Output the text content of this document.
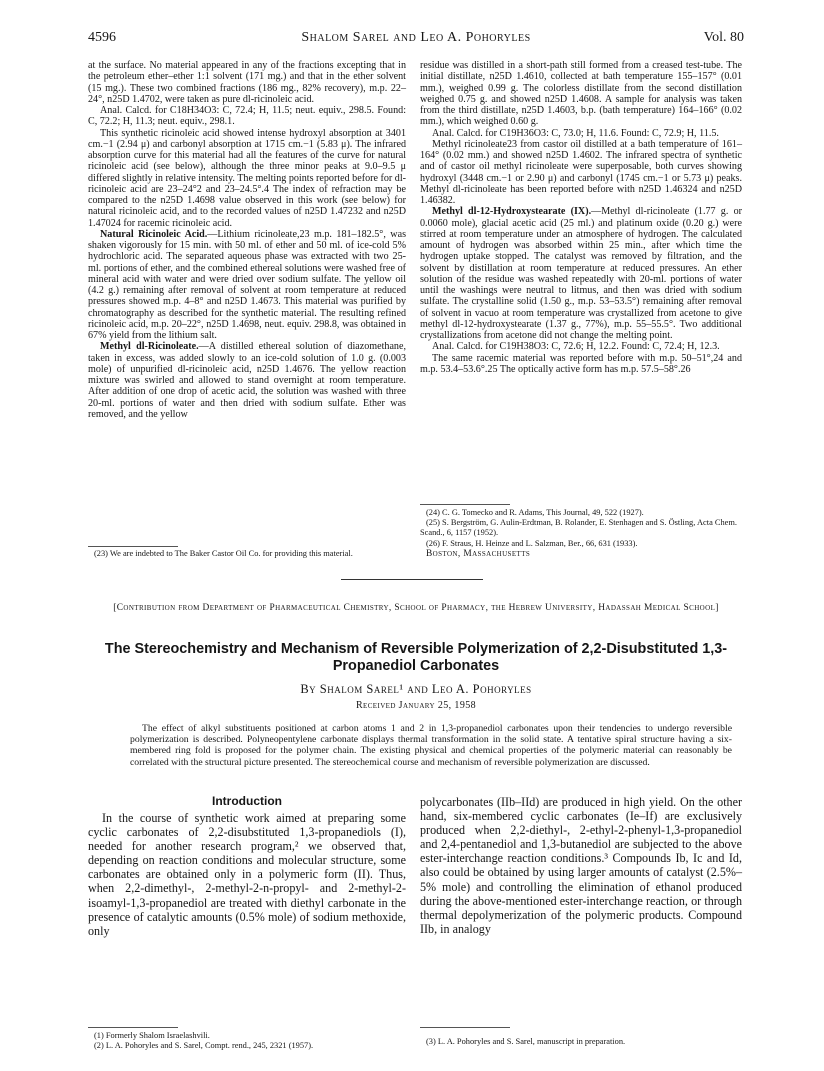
4596	Shalom Sarel and Leo A. Pohoryles	Vol. 80

at the surface. No material appeared in any of the fractions excepting that in the petroleum ether–ether 1:1 solvent (171 mg.) and that in the ether solvent (15 mg.). These two combined fractions (186 mg., 82% recovery), m.p. 22–24°, n25D 1.4702, were taken as pure dl-ricinoleic acid.

Anal. Calcd. for C18H34O3: C, 72.4; H, 11.5; neut. equiv., 298.5. Found: C, 72.2; H, 11.3; neut. equiv., 298.1.

This synthetic ricinoleic acid showed intense hydroxyl absorption at 3401 cm.−1 (2.94 μ) and carbonyl absorption at 1715 cm.−1 (5.83 μ). The infrared absorption curve for this material had all the features of the curve for natural ricinoleic acid (see below), although the three minor peaks at 9.0–9.5 μ differed slightly in relative intensity. The melting points reported before for dl-ricinoleic acid are 23–24°2 and 23–24.5°.4 The index of refraction may be compared to the n25D 1.4698 value observed in this work (see below) for natural ricinoleic acid, and to the recorded values of n25D 1.47232 and n25D 1.47024 for racemic ricinoleic acid.

Natural Ricinoleic Acid.—Lithium ricinoleate,23 m.p. 181–182.5°, was shaken vigorously for 15 min. with 50 ml. of ether and 50 ml. of ice-cold 5% hydrochloric acid. The separated aqueous phase was extracted with two 25-ml. portions of ether, and the combined ethereal solutions were washed free of mineral acid with water and were dried over sodium sulfate. The yellow oil (4.2 g.) remaining after removal of solvent at room temperature at reduced pressures showed m.p. 4–8° and n25D 1.4673. This material was purified by chromatography as described for the synthetic material. The resulting refined ricinoleic acid, m.p. 20–22°, n25D 1.4698, neut. equiv. 298.8, was obtained in 67% yield from the lithium salt.

Methyl dl-Ricinoleate.—A distilled ethereal solution of diazomethane, taken in excess, was added slowly to an ice-cold solution of 1.0 g. (0.003 mole) of unpurified dl-ricinoleic acid, n25D 1.4676. The yellow reaction mixture was swirled and allowed to stand overnight at room temperature. After addition of one drop of acetic acid, the solution was washed with three 20-ml. portions of water and then dried with sodium sulfate. Ether was removed, and the yellow

(23) We are indebted to The Baker Castor Oil Co. for providing this material.

residue was distilled in a short-path still formed from a creased test-tube. The initial distillate, n25D 1.4610, collected at bath temperature 155–157° (0.01 mm.), weighed 0.99 g. The colorless distillate from the second distillation weighed 0.75 g. and showed n25D 1.4608. A sample for analysis was taken from the third distillate, n25D 1.4603, b.p. (bath temperature) 164–166° (0.02 mm.), which weighed 0.60 g.

Anal. Calcd. for C19H36O3: C, 73.0; H, 11.6. Found: C, 72.9; H, 11.5.

Methyl ricinoleate23 from castor oil distilled at a bath temperature of 161–164° (0.02 mm.) and showed n25D 1.4602. The infrared spectra of synthetic and of castor oil methyl ricinoleate were superposable, both curves showing hydroxyl (3448 cm.−1 or 2.90 μ) and carbonyl (1745 cm.−1 or 5.73 μ) peaks. Methyl dl-ricinoleate has been reported before with n25D 1.46324 and n25D 1.46382.

Methyl dl-12-Hydroxystearate (IX).—Methyl dl-ricinoleate (1.77 g. or 0.0060 mole), glacial acetic acid (25 ml.) and platinum oxide (0.20 g.) were stirred at room temperature under an atmosphere of hydrogen. The calculated amount of hydrogen was absorbed within 25 min., after which time the hydrogen uptake stopped. The catalyst was removed by filtration, and the solvent by distillation at room temperature at reduced pressures. An ether solution of the residue was washed repeatedly with 20-ml. portions of water until the washings were neutral to litmus, and then was dried with sodium sulfate. The crystalline solid (1.50 g., m.p. 53–53.5°) remaining after removal of solvent in vacuo at room temperature was crystallized from acetone to give methyl dl-12-hydroxystearate (1.37 g., 77%), m.p. 55–55.5°. Two additional crystallizations from acetone did not change the melting point.

Anal. Calcd. for C19H38O3: C, 72.6; H, 12.2. Found: C, 72.4; H, 12.3.

The same racemic material was reported before with m.p. 50–51°,24 and m.p. 53.4–53.6°.25 The optically active form has m.p. 57.5–58°.26

(24) C. G. Tomecko and R. Adams, This Journal, 49, 522 (1927).

(25) S. Bergström, G. Aulin-Erdtman, B. Rolander, E. Stenhagen and S. Östling, Acta Chem. Scand., 6, 1157 (1952).

(26) F. Straus, H. Heinze and L. Salzman, Ber., 66, 631 (1933).

Boston, Massachusetts

[Contribution from Department of Pharmaceutical Chemistry, School of Pharmacy, the Hebrew University, Hadassah Medical School]
The Stereochemistry and Mechanism of Reversible Polymerization of 2,2-Disubstituted 1,3-Propanediol Carbonates
By Shalom Sarel¹ and Leo A. Pohoryles
Received January 25, 1958

The effect of alkyl substituents positioned at carbon atoms 1 and 2 in 1,3-propanediol carbonates upon their tendencies to undergo reversible polymerization is described. Polyneopentylene carbonate displays thermal transformation in the solid state. A tentative spiral structure having a six-membered ring fold is proposed for the polymer chain. The existing physical and chemical properties of the polymeric material can reasonably be correlated with the structural picture presented. The stereochemical course and mechanism of reversible polymerization are discussed.

Introduction

In the course of synthetic work aimed at preparing some cyclic carbonates of 2,2-disubstituted 1,3-propanediols (I), needed for another research program,² we observed that, depending on reaction conditions and molecular structure, some carbonates are obtained only in a polymeric form (II). Thus, when 2,2-dimethyl-, 2-methyl-2-n-propyl- and 2-methyl-2-isoamyl-1,3-propanediol are treated with diethyl carbonate in the presence of catalytic amounts (0.5% mole) of sodium methoxide, only

(1) Formerly Shalom Israelashvili.

(2) L. A. Pohoryles and S. Sarel, Compt. rend., 245, 2321 (1957).

polycarbonates (IIb–IId) are produced in high yield. On the other hand, six-membered cyclic carbonates (Ie–If) are exclusively produced when 2,2-diethyl-, 2-ethyl-2-phenyl-1,3-propanediol and 2,4-pentanediol and 1,3-butanediol are subjected to the above ester-interchange reaction conditions.³ Compounds Ib, Ic and Id, also could be obtained by using larger amounts of catalyst (2.5%–5% mole) and controlling the elimination of ethanol produced during the above-mentioned ester-interchange reaction, or through thermal depolymerization of the polymeric products. Compound IIb, in analogy

(3) L. A. Pohoryles and S. Sarel, manuscript in preparation.
